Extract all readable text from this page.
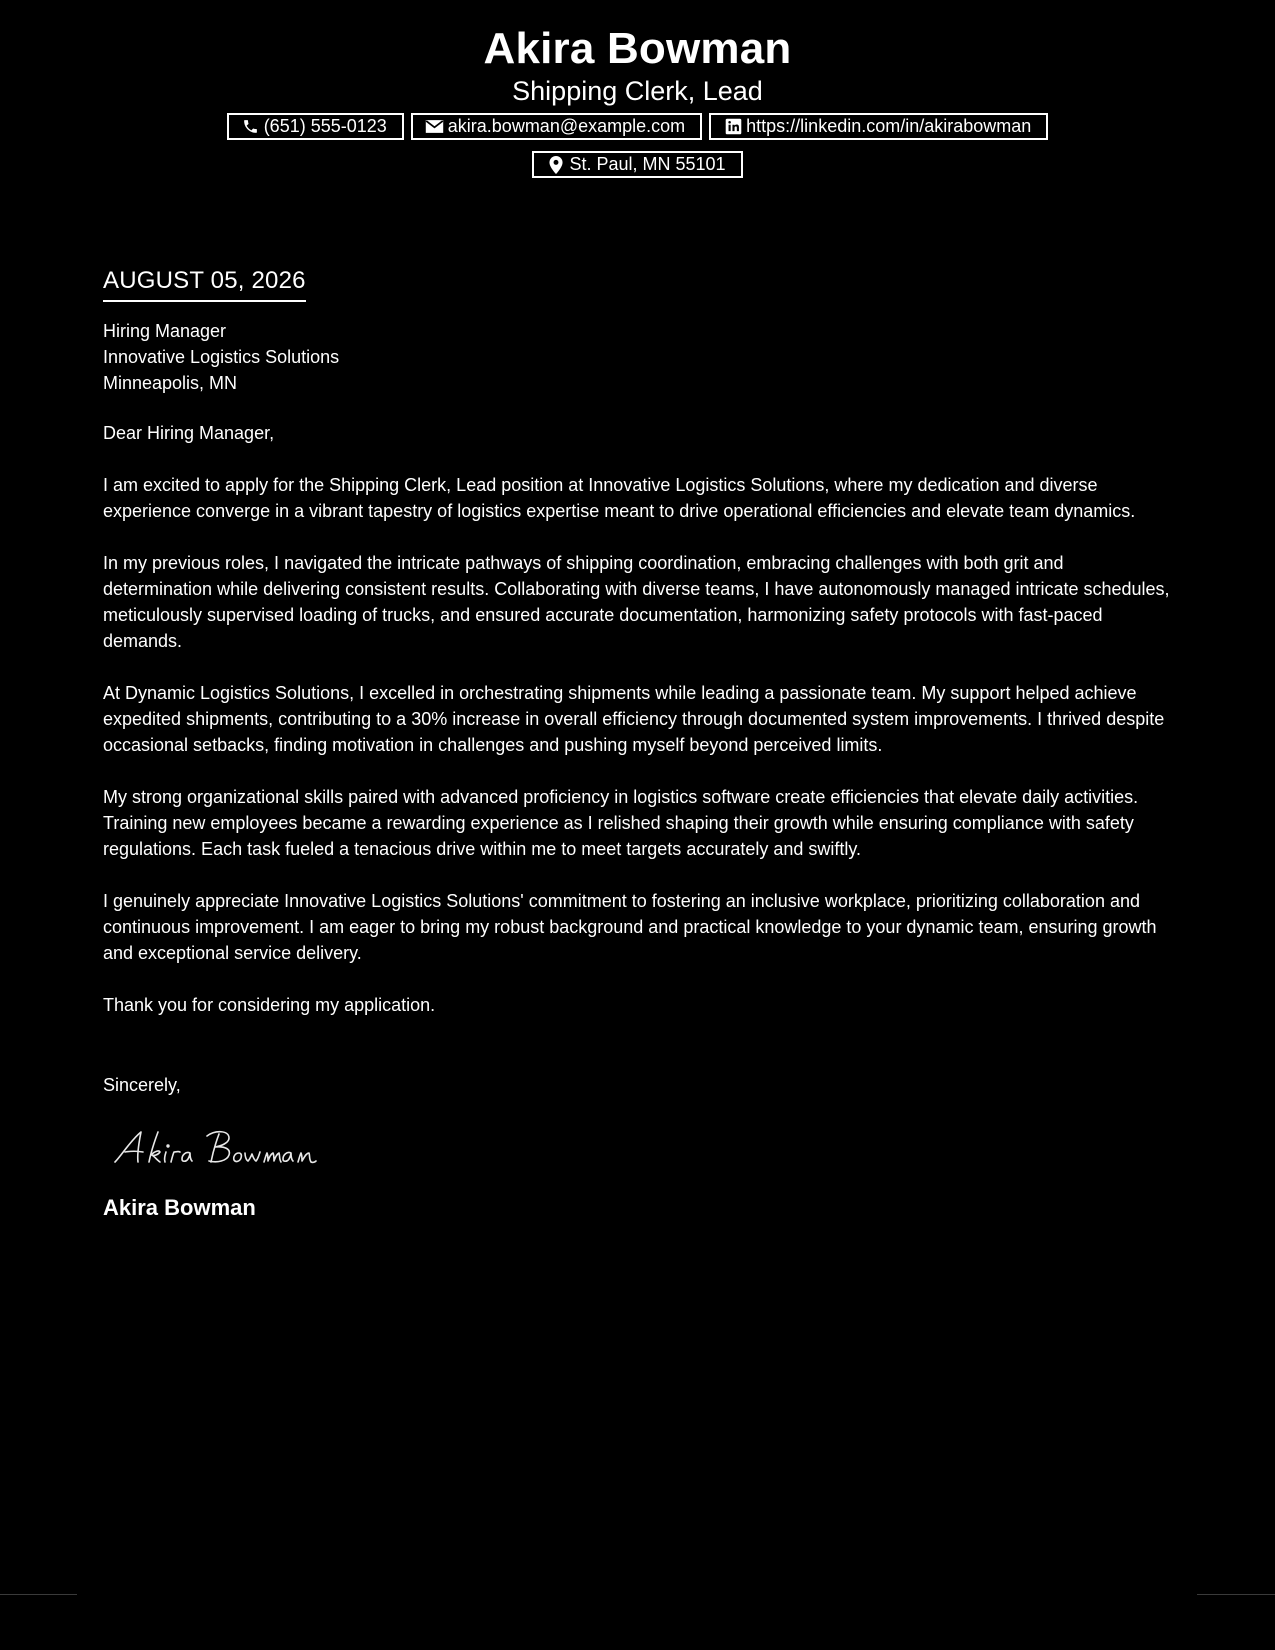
Akira Bowman
Shipping Clerk, Lead
(651) 555-0123	akira.bowman@example.com	https://linkedin.com/in/akirabowman
St. Paul, MN 55101
AUGUST 05, 2026
Hiring Manager
Innovative Logistics Solutions
Minneapolis, MN
Dear Hiring Manager,

I am excited to apply for the Shipping Clerk, Lead position at Innovative Logistics Solutions, where my dedication and diverse experience converge in a vibrant tapestry of logistics expertise meant to drive operational efficiencies and elevate team dynamics.

In my previous roles, I navigated the intricate pathways of shipping coordination, embracing challenges with both grit and determination while delivering consistent results. Collaborating with diverse teams, I have autonomously managed intricate schedules, meticulously supervised loading of trucks, and ensured accurate documentation, harmonizing safety protocols with fast-paced demands.

At Dynamic Logistics Solutions, I excelled in orchestrating shipments while leading a passionate team. My support helped achieve expedited shipments, contributing to a 30% increase in overall efficiency through documented system improvements. I thrived despite occasional setbacks, finding motivation in challenges and pushing myself beyond perceived limits.

My strong organizational skills paired with advanced proficiency in logistics software create efficiencies that elevate daily activities. Training new employees became a rewarding experience as I relished shaping their growth while ensuring compliance with safety regulations. Each task fueled a tenacious drive within me to meet targets accurately and swiftly.

I genuinely appreciate Innovative Logistics Solutions' commitment to fostering an inclusive workplace, prioritizing collaboration and continuous improvement. I am eager to bring my robust background and practical knowledge to your dynamic team, ensuring growth and exceptional service delivery.

Thank you for considering my application.

Sincerely,
Akira Bowman
